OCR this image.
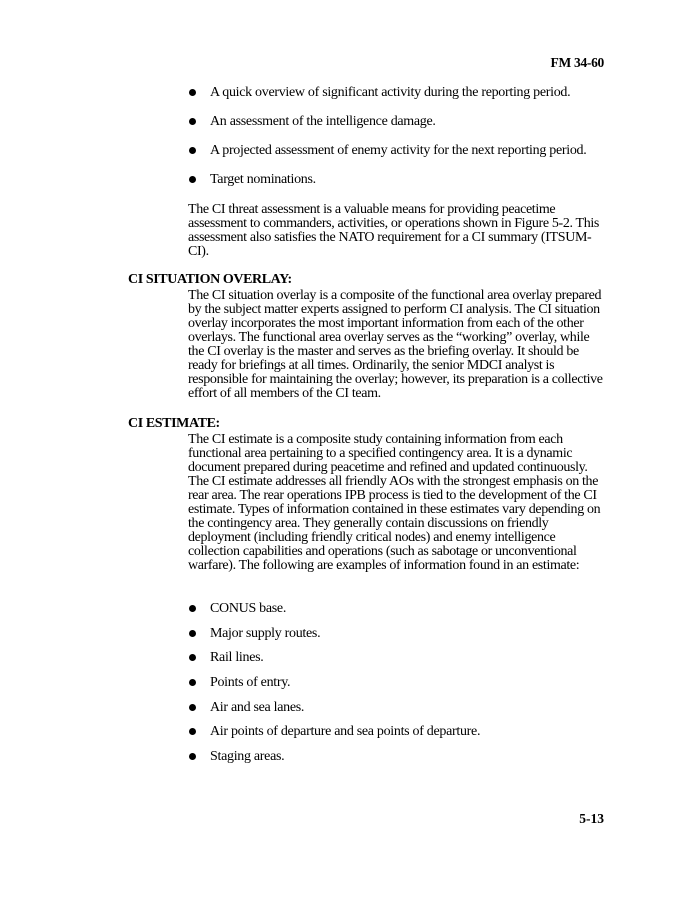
FM 34-60
A quick overview of significant activity during the reporting period.
An assessment of the intelligence damage.
A projected assessment of enemy activity for the next reporting period.
Target nominations.

The CI threat assessment is a valuable means for providing peacetime assessment to commanders, activities, or operations shown in Figure 5-2. This assessment also satisfies the NATO requirement for a CI summary (ITSUM-CI).

CI SITUATION OVERLAY:

The CI situation overlay is a composite of the functional area overlay prepared by the subject matter experts assigned to perform CI analysis. The CI situation overlay incorporates the most important information from each of the other overlays. The functional area overlay serves as the “working” overlay, while the CI overlay is the master and serves as the briefing overlay. It should be ready for briefings at all times. Ordinarily, the senior MDCI analyst is responsible for maintaining the overlay; however, its preparation is a collective effort of all members of the CI team.

CI ESTIMATE:

The CI estimate is a composite study containing information from each functional area pertaining to a specified contingency area. It is a dynamic document prepared during peacetime and refined and updated continuously. The CI estimate addresses all friendly AOs with the strongest emphasis on the rear area. The rear operations IPB process is tied to the development of the CI estimate. Types of information contained in these estimates vary depending on the contingency area. They generally contain discussions on friendly deployment (including friendly critical nodes) and enemy intelligence collection capabilities and operations (such as sabotage or unconventional warfare). The following are examples of information found in an estimate:

CONUS base.
Major supply routes.
Rail lines.
Points of entry.
Air and sea lanes.
Air points of departure and sea points of departure.
Staging areas.
5-13
